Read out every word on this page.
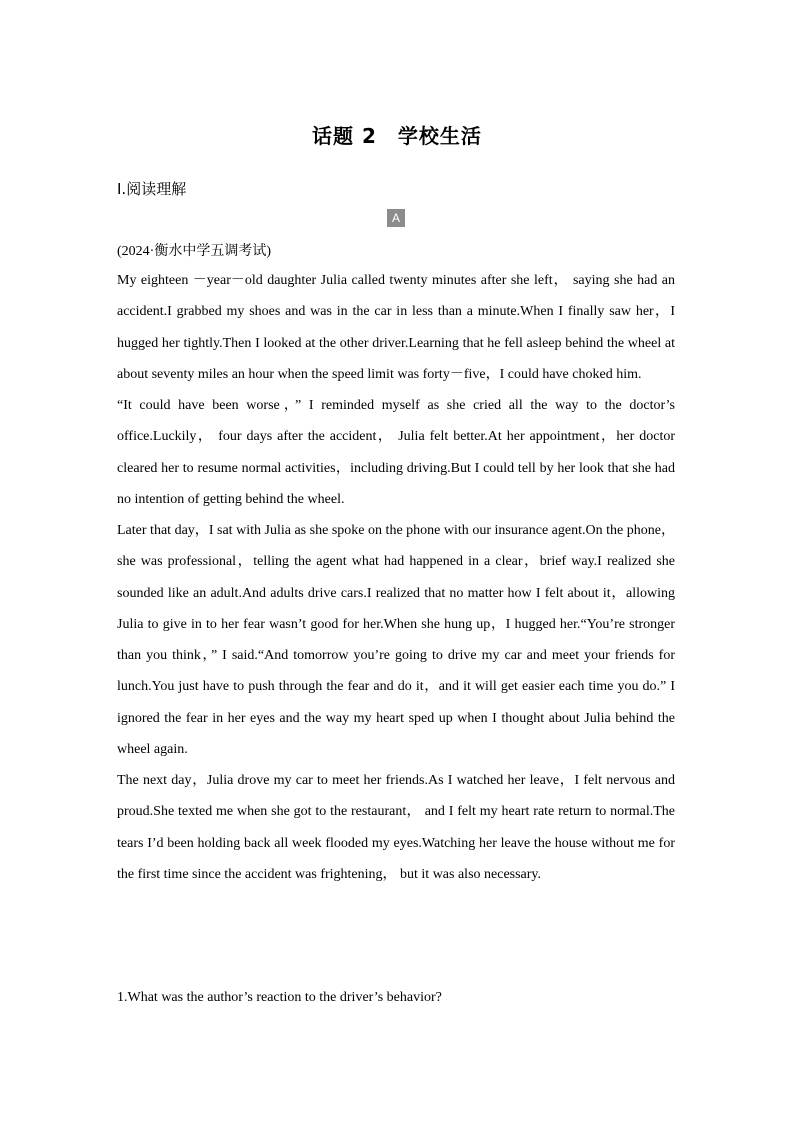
话题 2　学校生活
Ⅰ.阅读理解
A
(2024·衡水中学五调考试)

My eighteen －year－old daughter Julia called twenty minutes after she left， saying she had an accident.I grabbed my shoes and was in the car in less than a minute.When I finally saw her，I hugged her tightly.Then I looked at the other driver.Learning that he fell asleep behind the wheel at about seventy miles an hour when the speed limit was forty－five，I could have choked him.

“It could have been worse，” I reminded myself as she cried all the way to the doctor’s office.Luckily， four days after the accident， Julia felt better.At her appointment，her doctor cleared her to resume normal activities，including driving.But I could tell by her look that she had no intention of getting behind the wheel.

Later that day，I sat with Julia as she spoke on the phone with our insurance agent.On the phone，she was professional，telling the agent what had happened in a clear，brief way.I realized she sounded like an adult.And adults drive cars.I realized that no matter how I felt about it，allowing Julia to give in to her fear wasn’t good for her.When she hung up，I hugged her.“You’re stronger than you think，” I said.“And tomorrow you’re going to drive my car and meet your friends for lunch.You just have to push through the fear and do it，and it will get easier each time you do.” I ignored the fear in her eyes and the way my heart sped up when I thought about Julia behind the wheel again.

The next day，Julia drove my car to meet her friends.As I watched her leave，I felt nervous and proud.She texted me when she got to the restaurant， and I felt my heart rate return to normal.The tears I’d been holding back all week flooded my eyes.Watching her leave the house without me for the first time since the accident was frightening， but it was also necessary.

1.What was the author’s reaction to the driver’s behavior?
